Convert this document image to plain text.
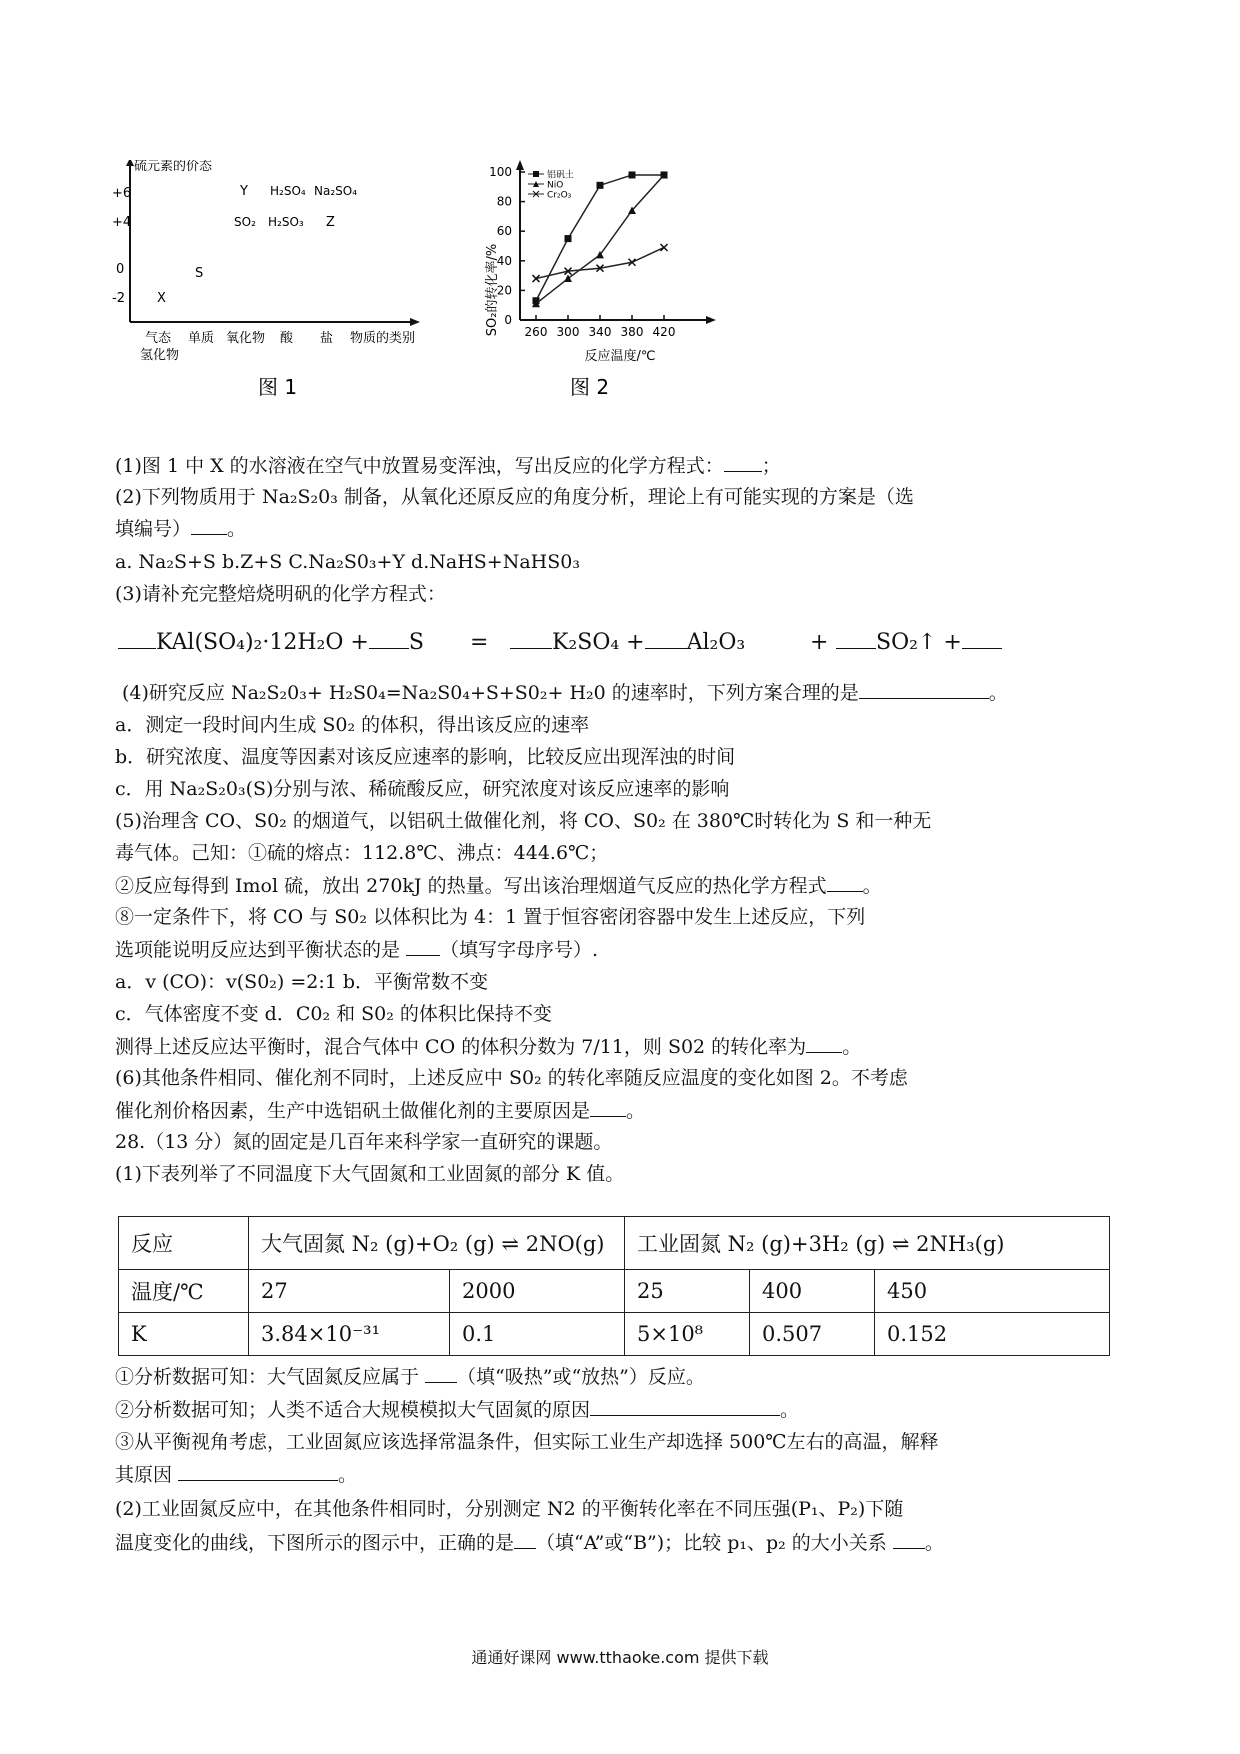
硫元素的价态
+6
+4
0
-2
Y H₂SO₄ Na₂SO₄
SO₂ H₂SO₃ Z
S
X
气态
氢化物
单质 氧化物 酸 盐 物质的类别
图 1
0
20
40
60
80
100
260 300 340 380 420
铝矾土
NiO
Cr₂O₃
SO₂的转化率/%
反应温度/℃
图 2
(1)图 1 中 X 的水溶液在空气中放置易变浑浊，写出反应的化学方程式： ；
(2)下列物质用于 Na₂S₂0₃ 制备，从氧化还原反应的角度分析，理论上有可能实现的方案是（选
填编号） 。
a. Na₂S+S b.Z+S C.Na₂S0₃+Y d.NaHS+NaHS0₃
(3)请补充完整焙烧明矾的化学方程式：
KAl(SO₄)₂·12H₂O + S =	K₂SO₄ + Al₂O₃	+	SO₂↑ +
(4)研究反应 Na₂S₂0₃+ H₂S0₄=Na₂S0₄+S+S0₂+ H₂0 的速率时，下列方案合理的是	。
a．测定一段时间内生成 S0₂ 的体积，得出该反应的速率
b．研究浓度、温度等因素对该反应速率的影响，比较反应出现浑浊的时间
c．用 Na₂S₂0₃(S)分别与浓、稀硫酸反应，研究浓度对该反应速率的影响
(5)治理含 CO、S0₂ 的烟道气，以铝矾土做催化剂，将 CO、S0₂ 在 380℃时转化为 S 和一种无
毒气体。己知：①硫的熔点：112.8℃、沸点：444.6℃；
②反应每得到 Imol 硫，放出 270kJ 的热量。写出该治理烟道气反应的热化学方程式 。
⑧一定条件下，将 CO 与 S0₂ 以体积比为 4：1 置于恒容密闭容器中发生上述反应，下列
选项能说明反应达到平衡状态的是 （填写字母序号）.
a．v (CO)：v(S0₂) =2:1 b．平衡常数不变
c．气体密度不变 d．C0₂ 和 S0₂ 的体积比保持不变
测得上述反应达平衡时，混合气体中 CO 的体积分数为 7/11，则 S02 的转化率为 。
(6)其他条件相同、催化剂不同时，上述反应中 S0₂ 的转化率随反应温度的变化如图 2。不考虑
催化剂价格因素，生产中选铝矾土做催化剂的主要原因是 。
28.（13 分）氮的固定是几百年来科学家一直研究的课题。
(1)下表列举了不同温度下大气固氮和工业固氮的部分 K 值。
反应	大气固氮 N₂ (g)+O₂ (g) ⇌ 2NO(g)		工业固氮 N₂ (g)+3H₂ (g) ⇌ 2NH₃(g)		
温度/℃	27	2000	25	400	450
K	3.84×10⁻³¹	0.1	5×10⁸	0.507	0.152
①分析数据可知：大气固氮反应属于 （填“吸热”或“放热”）反应。
②分析数据可知；人类不适合大规模模拟大气固氮的原因	。
③从平衡视角考虑，工业固氮应该选择常温条件，但实际工业生产却选择 500℃左右的高温，解释
其原因	。
(2)工业固氮反应中，在其他条件相同时，分别测定 N2 的平衡转化率在不同压强(P₁、P₂)下随
温度变化的曲线，下图所示的图示中，正确的是 （填“A”或“B”)；比较 p₁、p₂ 的大小关系 。
通通好课网 www.tthaoke.com 提供下载
